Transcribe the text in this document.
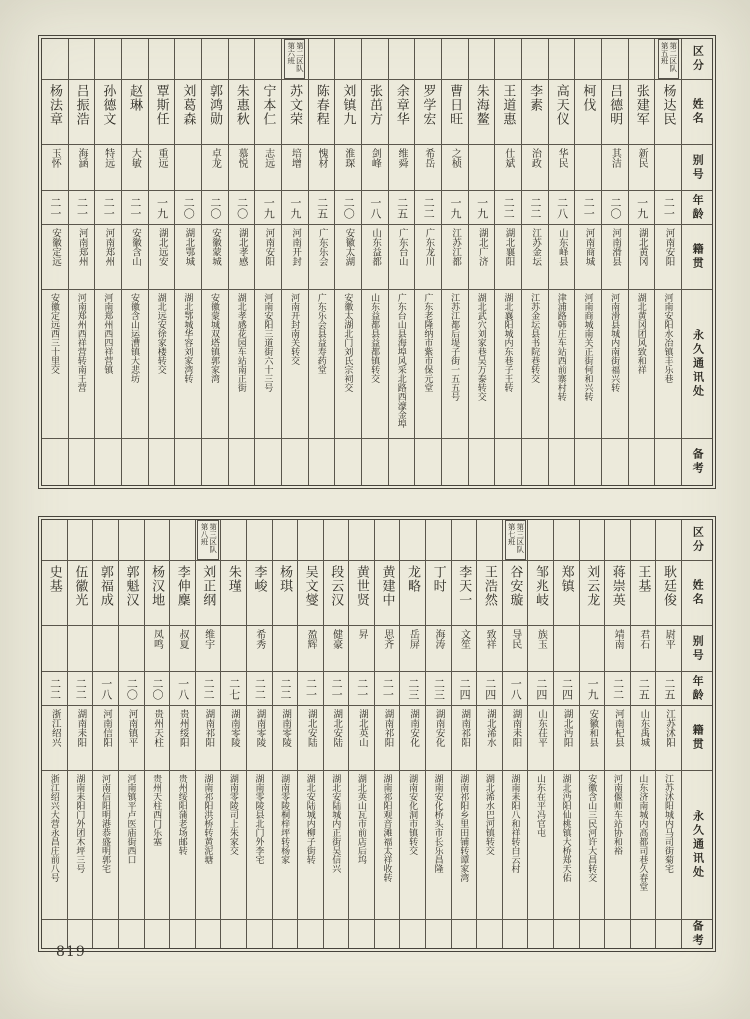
区分
姓名
别号
年龄
籍贯
永久通讯处
备考
第二区队第五班
杨达民
二一
河南安阳
河南安阳水冶镇丰乐巷
张建军
新民
一九
湖北黄冈
湖北黄冈团风致和祥
吕德明
其洁
二〇
河南滑县
河南滑县城内南街福兴转
柯伐
二一
河南商城
河南商城南关正街何和兴转
高天仪
华民
二八
山东峄县
津浦路韩庄车站西前寨村转
李素
治政
二二
江苏金坛
江苏金坛县书院巷转交
王道惠
仕斌
二二
湖北襄阳
湖北襄阳城内东巷子王转
朱海鳌
一九
湖北广济
湖北武穴刘家巷吴万泰转交
曹日旺
之桢
一九
江苏江都
江苏江都后堤子街一五五号
罗学宏
希岳
二二
广东龙川
广东老隆纳市紫市保元堂
余章华
维舜
二五
广东台山
广东台山县海埠风采北路西濠金埠
张茁方
剑峰
一八
山东益都
山东益都县益都镇转交
刘镇九
淮琛
二〇
安徽太湖
安徽太湖北门刘氏宗祠交
陈春程
愧材
二五
广东乐会
广东乐会县益寿药堂
第二区队第六班
苏文荣
培增
一九
河南开封
河南开封南关转交
宁本仁
志远
一九
河南安阳
河南安阳三道街六十三号
朱惠秋
慕悦
二〇
湖北孝感
湖北孝感花园车站南正街
郭鸿勋
卓龙
二〇
安徽蒙城
安徽蒙城双塔镇郭家湾
刘葛森
二〇
湖北鄂城
湖北鄂城华容刘家湾转
覃斯任
重远
一九
湖北远安
湖北远安徐家楼转交
赵琳
大敏
二一
安徽含山
安徽含山运漕镇大悲坊
孙德文
特远
二一
河南郑州
河南郑州西四祥营镇
吕振浩
海涵
二一
河南郑州
河南郑州西祥营转南王营
杨法章
玉怀
二一
安徽定远
安徽定远西三十里交
区分
姓名
别号
年龄
籍贯
永久通讯处
备考
耿廷俊
尉平
二五
江苏沭阳
江苏沭阳城内马司街菊宅
王基
君石
二五
山东禹城
山东济南城内高都司巷久春堂
蒋崇英
靖南
二二
河南杞县
河南偃师车站协和裕
刘云龙
一九
安徽和县
安徽含山三民河许大昌转交
郑镇
二四
湖北沔阳
湖北沔阳仙桃镇大桥郑天佑
邹兆岐
族玉
二四
山东茌平
山东在平冯官屯
第三区队第七班
谷安璇
导民
一八
湖南耒阳
湖南耒阳八和祥转白云村
王浩然
致祥
二四
湖北浠水
湖北浠水巴河镇转交
李天一
文笙
二四
湖南祁阳
湖南祁阳乡里田铺转谭家湾
丁时
海涛
二三
湖南安化
湖南安化桥头市长乐昌隆
龙略
岳屏
二三
湖南安化
湖南安化洞市镇转交
黄建中
思齐
二一
湖南祁阳
湖南祁阳观音滩福太祥收转
黄世贤
昇
二一
湖北英山
湖北英山瓦市前店后坞
段云汉
健豪
二一
湖北安陆
湖北安陆城内正街吴信兴
吴文燮
盈辉
二一
湖北安陆
湖北安陆城内柳子街转
杨琪
二二
湖南零陵
湖南零陵桐梓坪转杨家
李峻
希秀
二二
湖南零陵
湖南零陵县北门外李宅
朱瑾
二七
湖南零陵
湖南零陵司上朱家交
第三区队第八班
刘正纲
维宇
二二
湖南祁阳
湖南祁阳洪桥转黄泥塘
李伸麇
叔夏
一八
贵州绥阳
贵州绥阳蒲老场邮转
杨汉地
凤鸣
二〇
贵州天柱
贵州天柱西门乐塞
郭魁汉
二〇
河南镇平
河南镇平卢医庙街西口
郭福成
一八
河南信阳
河南信阳明港恭盛明郭宅
伍徽光
二二
湖南耒阳
湖南耒阳门外团木坪三号
史基
二二
浙江绍兴
浙江绍兴大营永昌庄前八号
819
